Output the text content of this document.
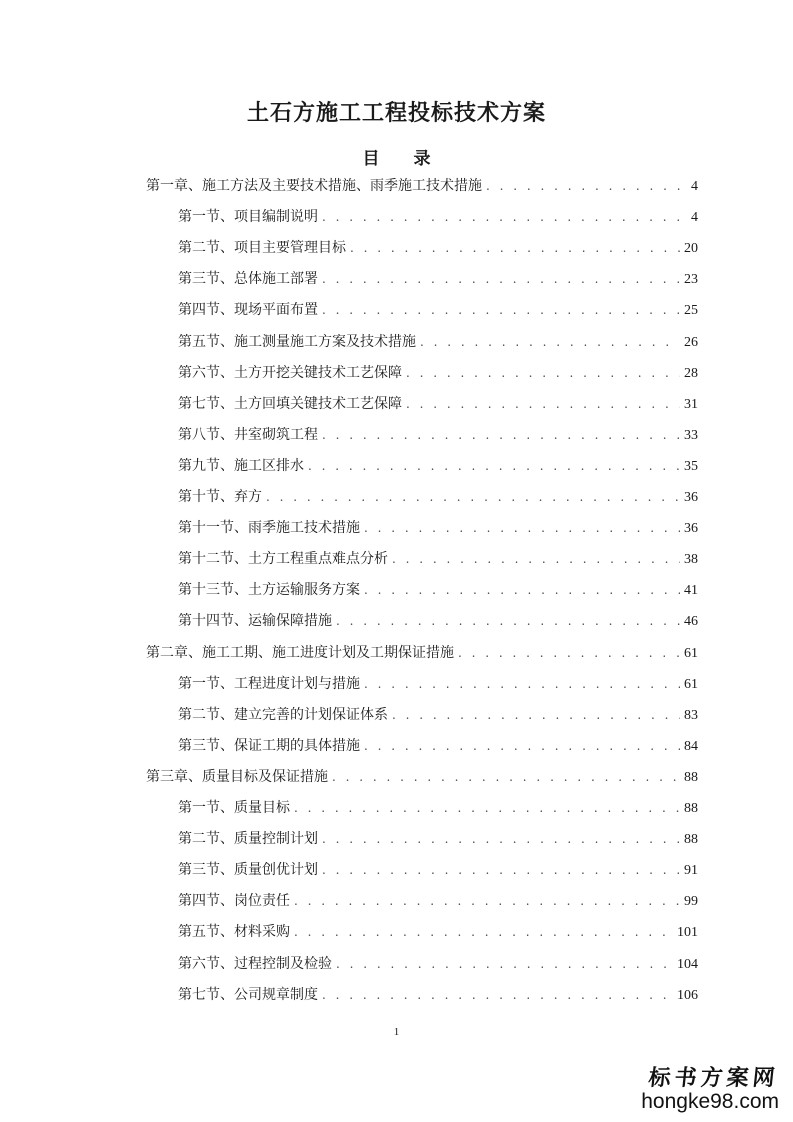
土石方施工工程投标技术方案
目 录
第一章、施工方法及主要技术措施、雨季施工技术措施 . . .	4
第一节、项目编制说明 . . .	4
第二节、项目主要管理目标 . . .	20
第三节、总体施工部署 . . .	23
第四节、现场平面布置 . . .	25
第五节、施工测量施工方案及技术措施 . . .	26
第六节、土方开挖关键技术工艺保障 . . .	28
第七节、土方回填关键技术工艺保障 . . .	31
第八节、井室砌筑工程 . . .	33
第九节、施工区排水 . . .	35
第十节、弃方 . . .	36
第十一节、雨季施工技术措施 . . .	36
第十二节、土方工程重点难点分析 . . .	38
第十三节、土方运输服务方案 . . .	41
第十四节、运输保障措施 . . .	46
第二章、施工工期、施工进度计划及工期保证措施 . . .	61
第一节、工程进度计划与措施 . . .	61
第二节、建立完善的计划保证体系 . . .	83
第三节、保证工期的具体措施 . . .	84
第三章、质量目标及保证措施 . . .	88
第一节、质量目标 . . .	88
第二节、质量控制计划 . . .	88
第三节、质量创优计划 . . .	91
第四节、岗位责任 . . .	99
第五节、材料采购 . . .	101
第六节、过程控制及检验 . . .	104
第七节、公司规章制度 . . .	106
1
标书方案网
hongke98.com
